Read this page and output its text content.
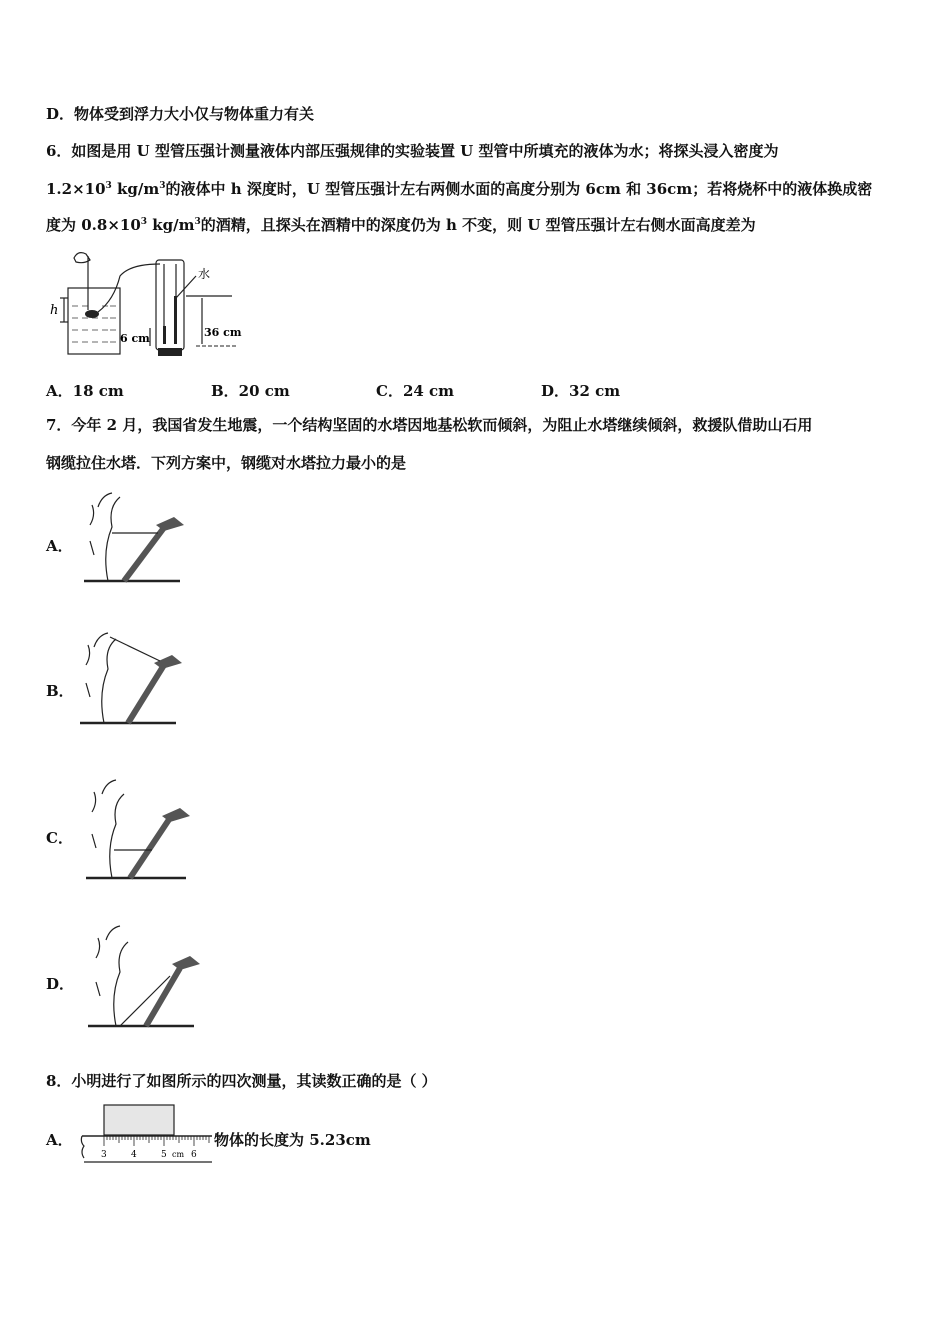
D．物体受到浮力大小仅与物体重力有关
6．如图是用 U 型管压强计测量液体内部压强规律的实验装置 U 型管中所填充的液体为水；将探头浸入密度为
$1.2\times 10^3$ $kg/m^3$的液体中 h 深度时，U 型管压强计左右两侧水面的高度分别为 6cm 和 36cm；若将烧杯中的液体换成密
度为 $0.8\times 10^3$ $kg/m^3$的酒精，且探头在酒精中的深度仍为 h 不变，则 U 型管压强计左右侧水面高度差为
h
水
6 cm	36 cm
A．18 cm	B．20 cm	C．24 cm	D．32 cm
7．今年 2 月，我国省发生地震，一个结构坚固的水塔因地基松软而倾斜，为阻止水塔继续倾斜，救援队借助山石用
钢缆拉住水塔．下列方案中，钢缆对水塔拉力最小的是
A．
B．
C．
D．
8．小明进行了如图所示的四次测量，其读数正确的是（ ）
A．
3	4	5 cm 6
物体的长度为 5.23cm
